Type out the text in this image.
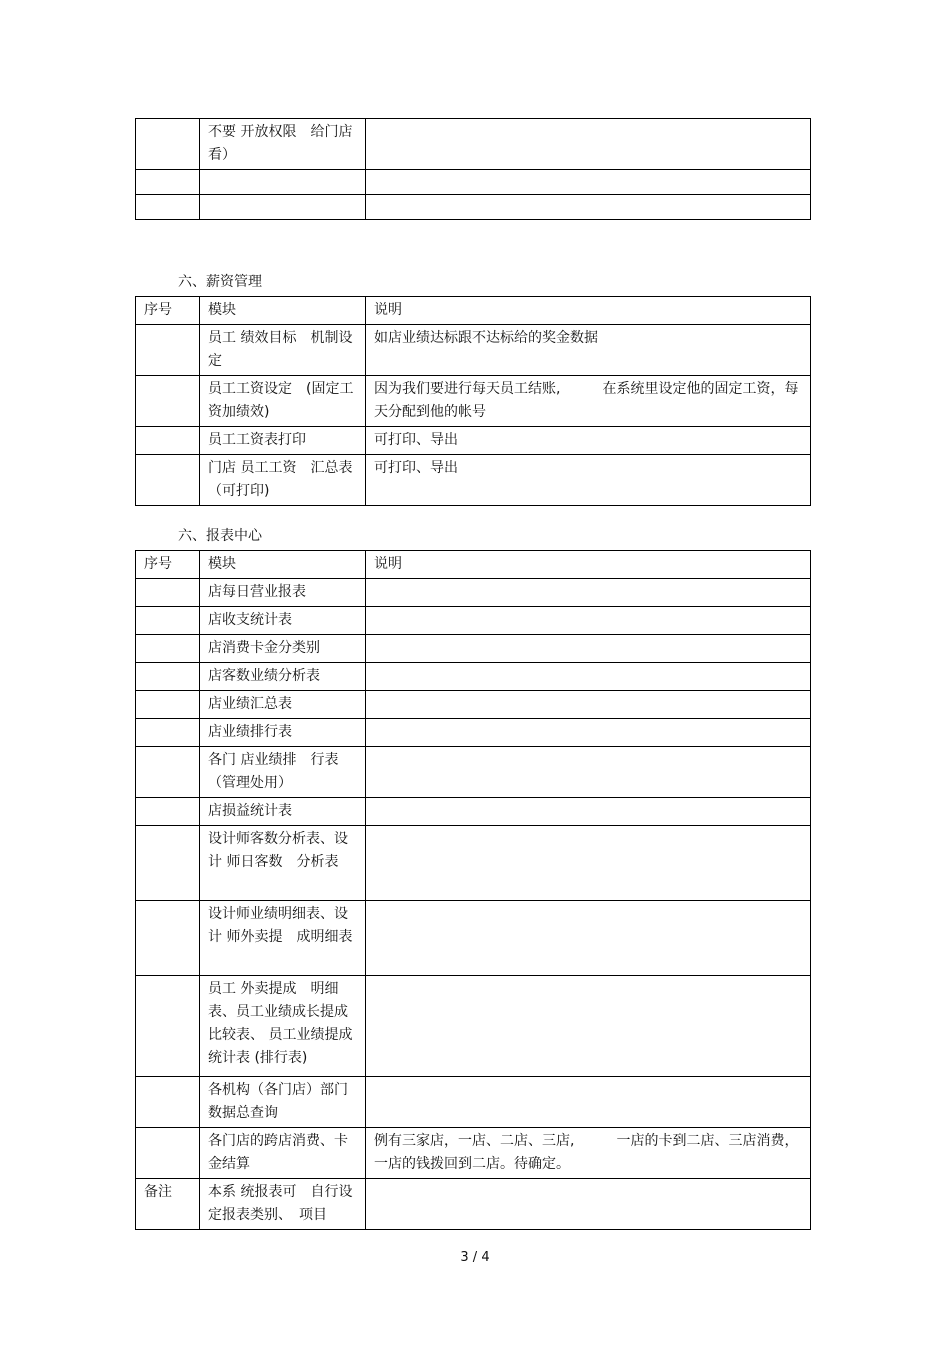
	不要 开放权限　给门店看）	

六、薪资管理
序号	模块	说明
	员工 绩效目标　机制设定	如店业绩达标跟不达标给的奖金数据
	员工工资设定　(固定工资加绩效)	因为我们要进行每天员工结账,　　　在系统里设定他的固定工资，每天分配到他的帐号
	员工工资表打印	可打印、导出
	门店 员工工资　汇总表（可打印)	可打印、导出
六、报表中心
序号	模块	说明
	店每日营业报表	
	店收支统计表	
	店消费卡金分类别	
	店客数业绩分析表	
	店业绩汇总表	
	店业绩排行表	
	各门 店业绩排　行表（管理处用）	
	店损益统计表	
	设计师客数分析表、设计 师日客数　分析表	
	设计师业绩明细表、设计 师外卖提　成明细表	
	员工 外卖提成　明细表、员工业绩成长提成比较表、 员工业绩提成统计表 (排行表)	
	各机构（各门店）部门数据总查询	
	各门店的跨店消费、卡金结算	例有三家店，一店、二店、三店,　　　一店的卡到二店、三店消费，一店的钱拨回到二店。待确定。
备注	本系 统报表可　自行设定报表类别、　项目	
3 / 4
